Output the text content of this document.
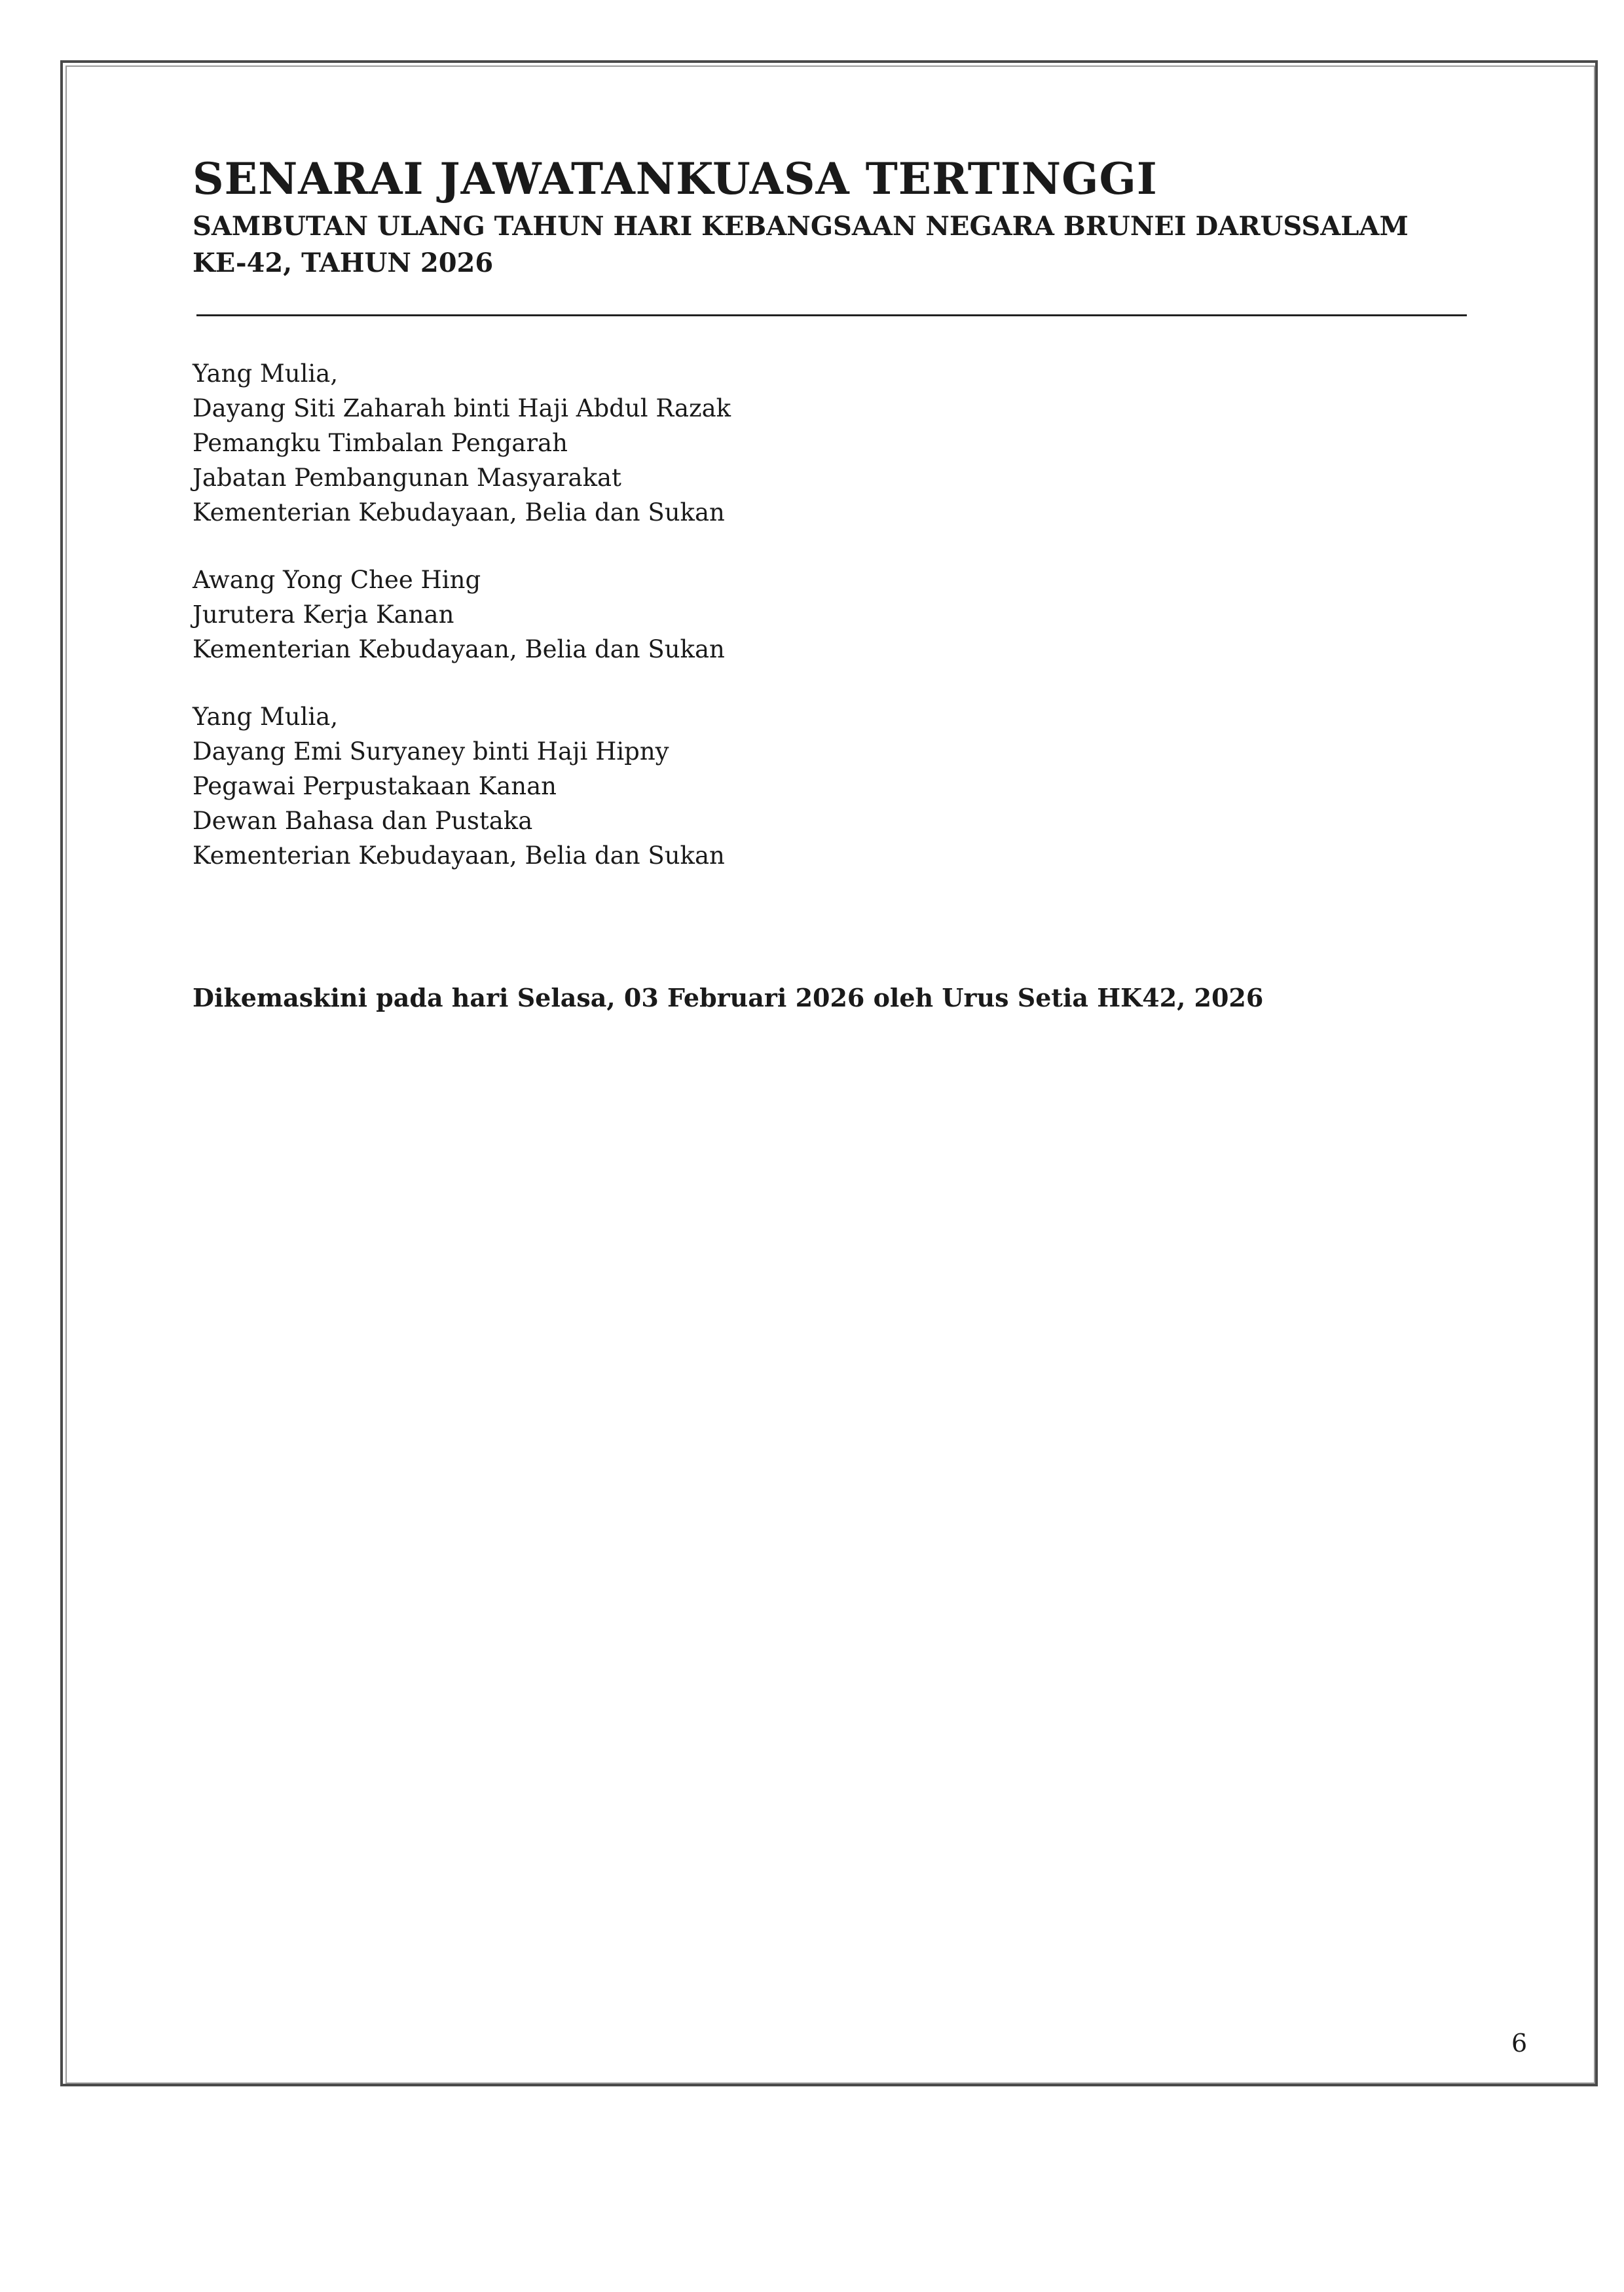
SENARAI JAWATANKUASA TERTINGGI
SAMBUTAN ULANG TAHUN HARI KEBANGSAAN NEGARA BRUNEI DARUSSALAM
KE-42, TAHUN 2026
Yang Mulia,
Dayang Siti Zaharah binti Haji Abdul Razak
Pemangku Timbalan Pengarah
Jabatan Pembangunan Masyarakat
Kementerian Kebudayaan, Belia dan Sukan
Awang Yong Chee Hing
Jurutera Kerja Kanan
Kementerian Kebudayaan, Belia dan Sukan
Yang Mulia,
Dayang Emi Suryaney binti Haji Hipny
Pegawai Perpustakaan Kanan
Dewan Bahasa dan Pustaka
Kementerian Kebudayaan, Belia dan Sukan
Dikemaskini pada hari Selasa, 03 Februari 2026 oleh Urus Setia HK42, 2026
6
